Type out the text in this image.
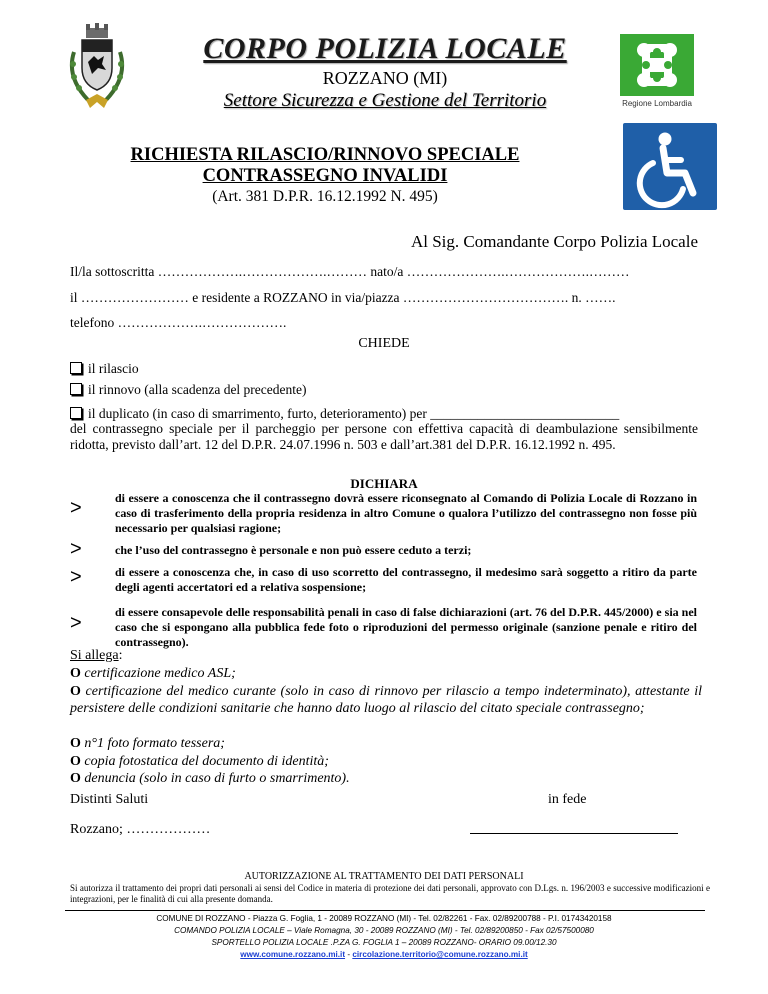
CORPO POLIZIA LOCALE
ROZZANO (MI)
Settore Sicurezza e Gestione del Territorio	Regione Lombardia
RICHIESTA RILASCIO/RINNOVO SPECIALE
CONTRASSEGNO INVALIDI
(Art. 381 D.P.R. 16.12.1992 N. 495)
Al Sig. Comandante Corpo Polizia Locale
Il/la sottoscritta ……………….……………….……… nato/a ………………….……………….………
il …………………… e residente a ROZZANO in via/piazza ………………………………. n. …….
telefono ……………….……………….
CHIEDE
il rilascio
il rinnovo (alla scadenza del precedente)
il duplicato (in caso di smarrimento, furto, deterioramento) per ____________________________
del contrassegno speciale per il parcheggio per persone con effettiva capacità di deambulazione sensibilmente ridotta, previsto dall’art. 12 del D.P.R. 24.07.1996 n. 503 e dall’art.381 del D.P.R. 16.12.1992 n. 495.
DICHIARA
>	di essere a conoscenza che il contrassegno dovrà essere riconsegnato al Comando di Polizia Locale di Rozzano in caso di trasferimento della propria residenza in altro Comune o qualora l’utilizzo del contrassegno non fosse più necessario per qualsiasi ragione;
>	che l’uso del contrassegno è personale e non può essere ceduto a terzi;
>	di essere a conoscenza che, in caso di uso scorretto del contrassegno, il medesimo sarà soggetto a ritiro da parte degli agenti accertatori ed a relativa sospensione;
>	di essere consapevole delle responsabilità penali in caso di false dichiarazioni (art. 76 del D.P.R. 445/2000) e sia nel caso che si espongano alla pubblica fede foto o riproduzioni del permesso originale (sanzione penale e ritiro del contrassegno).
Si allega:
O certificazione medico ASL;
O certificazione del medico curante (solo in caso di rinnovo per rilascio a tempo indeterminato), attestante il persistere delle condizioni sanitarie che hanno dato luogo al rilascio del citato speciale contrassegno;
O n°1 foto formato tessera;
O copia fotostatica del documento di identità;
O denuncia (solo in caso di furto o smarrimento).
Distinti Saluti	in fede
Rozzano; ………………
AUTORIZZAZIONE AL TRATTAMENTO DEI DATI PERSONALI
Si autorizza il trattamento dei propri dati personali ai sensi del Codice in materia di protezione dei dati personali, approvato con D.Lgs. n. 196/2003 e successive modificazioni e integrazioni, per le finalità di cui alla presente domanda.
COMUNE DI ROZZANO - Piazza G. Foglia, 1 - 20089 ROZZANO (MI) - Tel. 02/82261 - Fax. 02/89200788 - P.I. 01743420158
COMANDO POLIZIA LOCALE – Viale Romagna, 30 - 20089 ROZZANO (MI) - Tel. 02/89200850 - Fax 02/57500080
SPORTELLO POLIZIA LOCALE .P.ZA G. FOGLIA 1 – 20089 ROZZANO- ORARIO 09.00/12.30
www.comune.rozzano.mi.it - circolazione.territorio@comune.rozzano.mi.it
